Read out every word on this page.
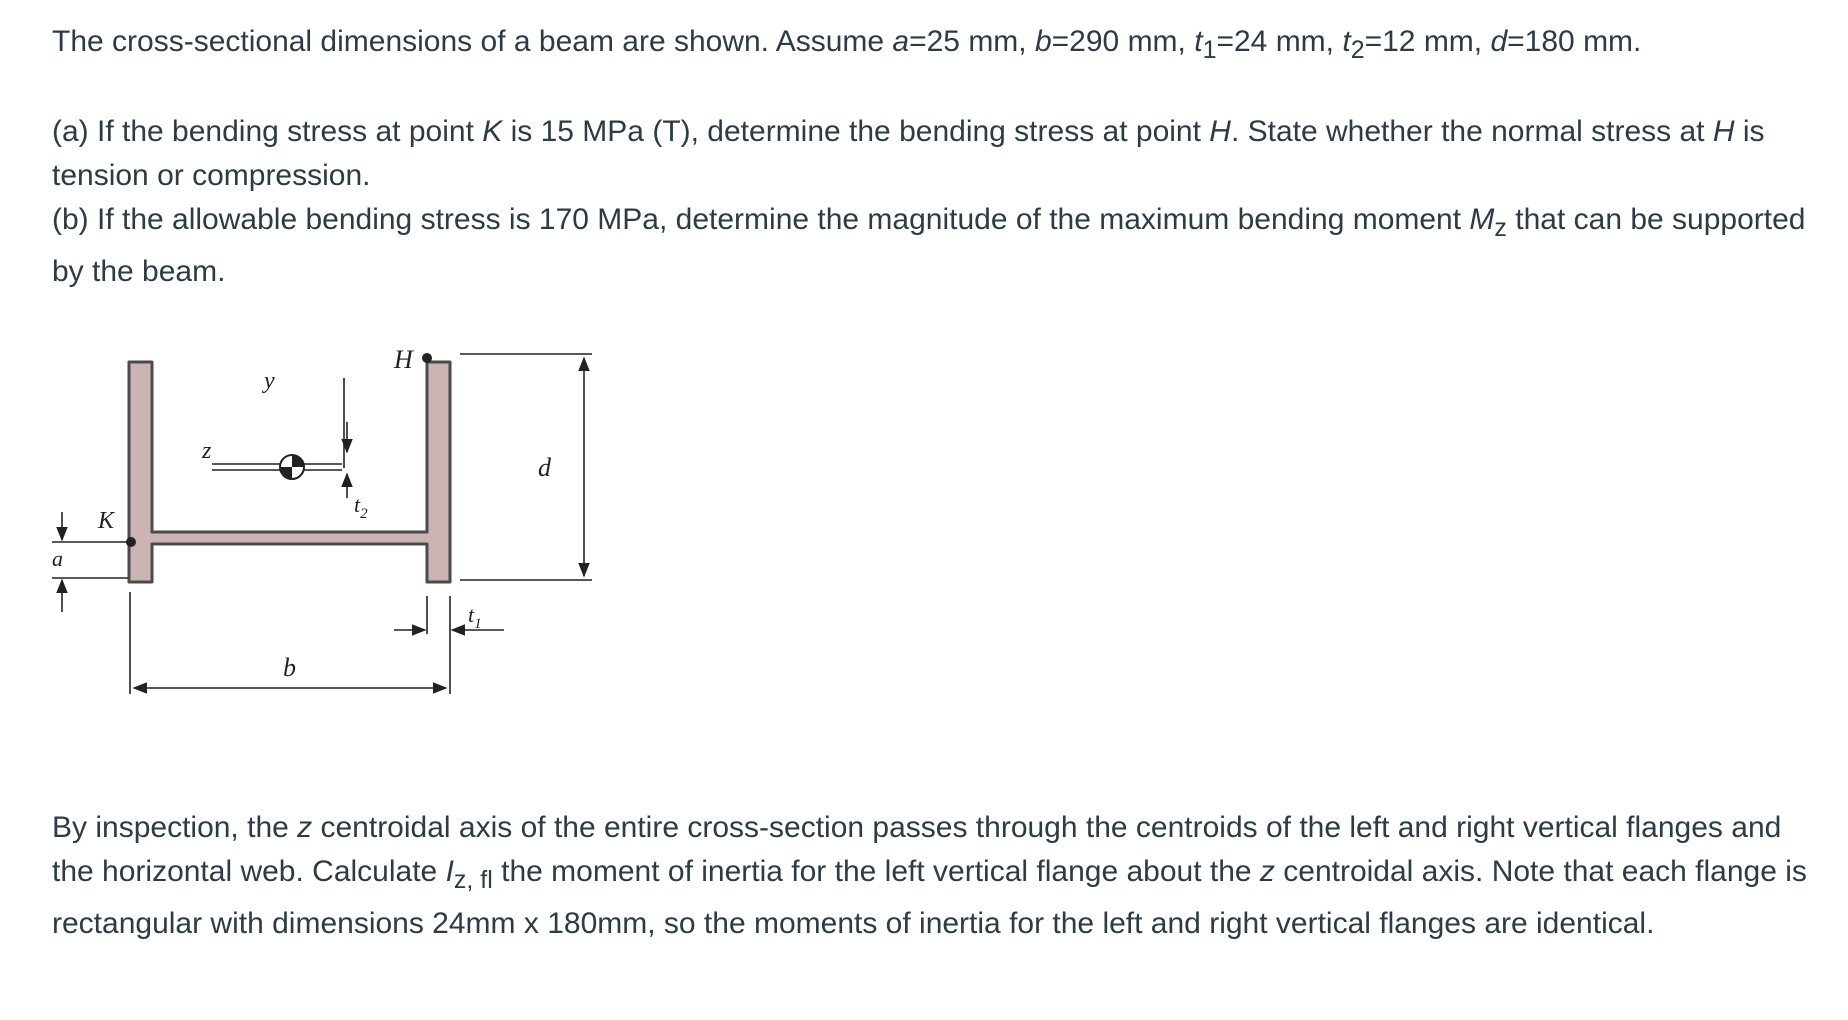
The cross-sectional dimensions of a beam are shown. Assume a=25 mm, b=290 mm, $t_1=24$ mm, $t_2=12$ mm, d=180 mm.

(a) If the bending stress at point K is 15 MPa (T), determine the bending stress at point H. State whether the normal stress at H is tension or compression.

(b) If the allowable bending stress is 170 MPa, determine the magnitude of the maximum bending moment $M_z$ that can be supported by the beam.

H
y
z
K
a
b
d
$t_1$
$t_2$

By inspection, the z centroidal axis of the entire cross-section passes through the centroids of the left and right vertical flanges and the horizontal web. Calculate $I_{z, fl}$ the moment of inertia for the left vertical flange about the z centroidal axis. Note that each flange is rectangular with dimensions 24mm x 180mm, so the moments of inertia for the left and right vertical flanges are identical.
